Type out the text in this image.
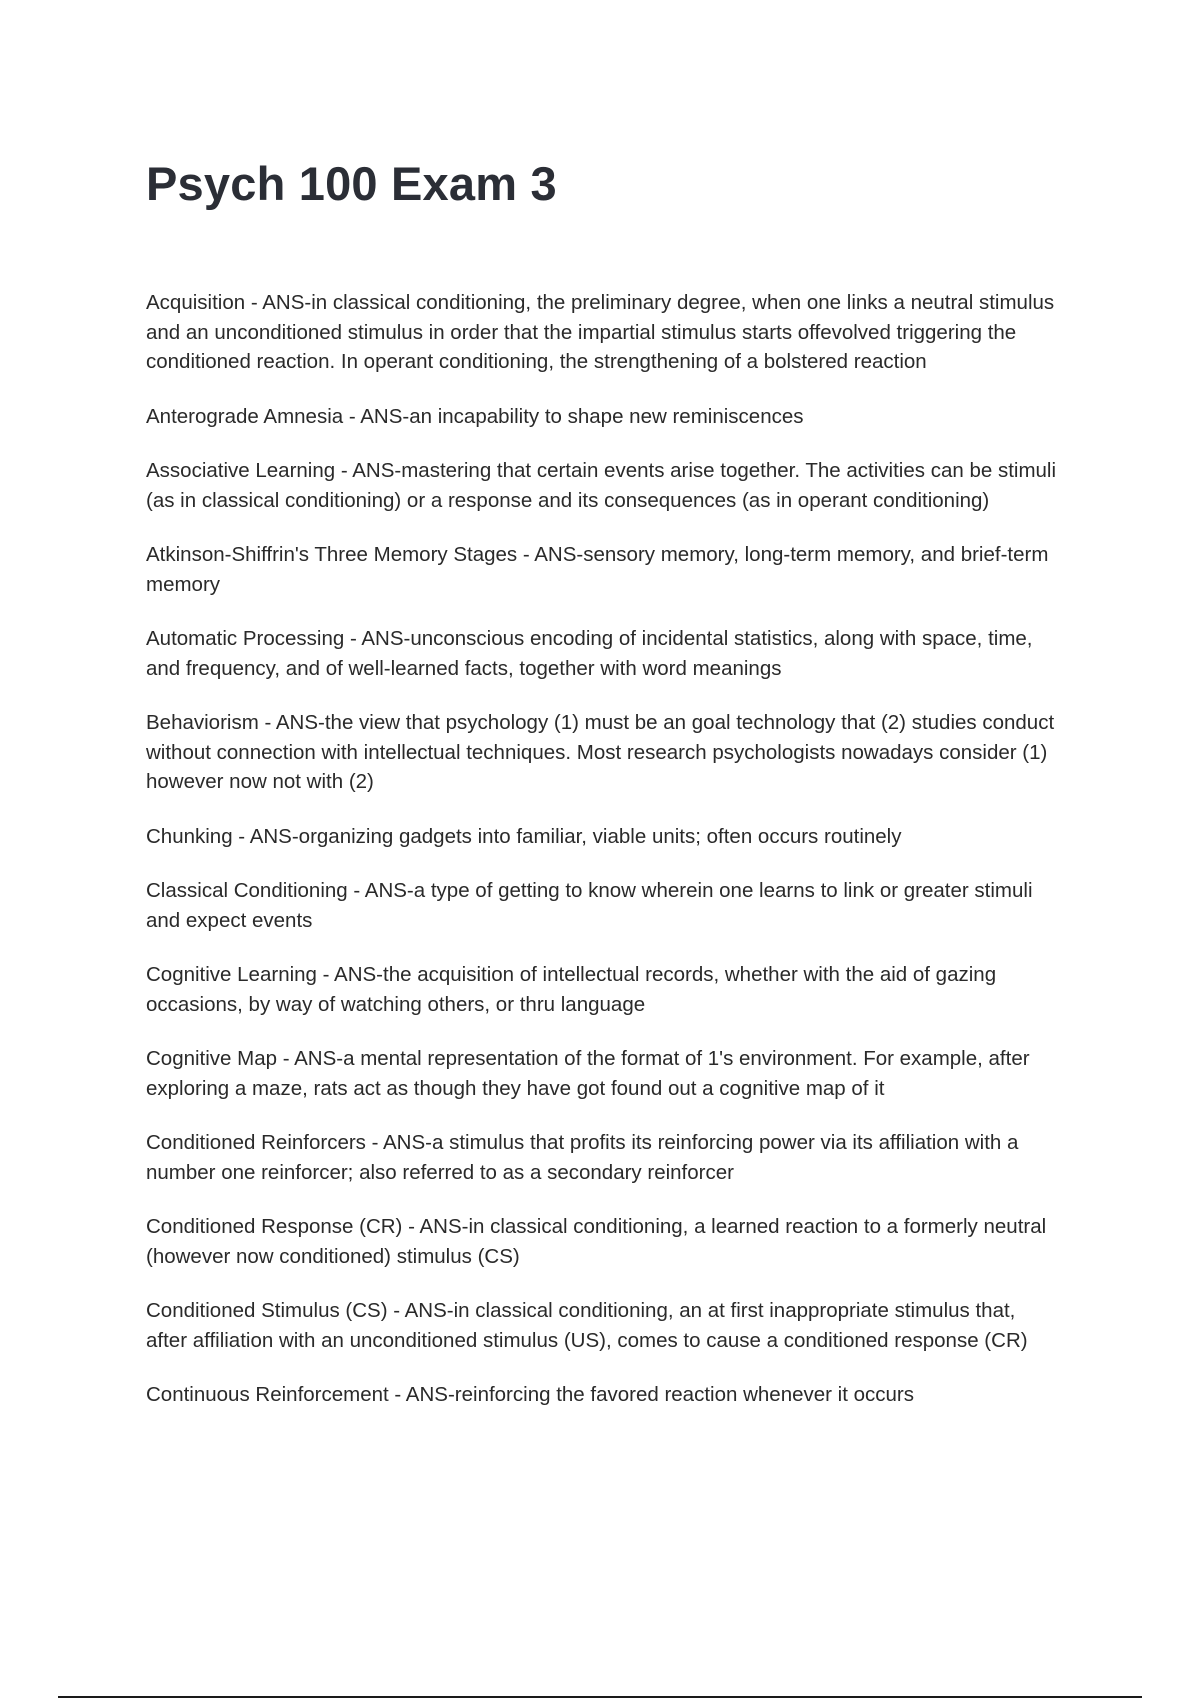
Psych 100 Exam 3

Acquisition - ANS-in classical conditioning, the preliminary degree, when one links a neutral stimulus and an unconditioned stimulus in order that the impartial stimulus starts offevolved triggering the conditioned reaction. In operant conditioning, the strengthening of a bolstered reaction

Anterograde Amnesia - ANS-an incapability to shape new reminiscences

Associative Learning - ANS-mastering that certain events arise together. The activities can be stimuli (as in classical conditioning) or a response and its consequences (as in operant conditioning)

Atkinson-Shiffrin's Three Memory Stages - ANS-sensory memory, long-term memory, and brief-term memory

Automatic Processing - ANS-unconscious encoding of incidental statistics, along with space, time, and frequency, and of well-learned facts, together with word meanings

Behaviorism - ANS-the view that psychology (1) must be an goal technology that (2) studies conduct without connection with intellectual techniques. Most research psychologists nowadays consider (1) however now not with (2)

Chunking - ANS-organizing gadgets into familiar, viable units; often occurs routinely

Classical Conditioning - ANS-a type of getting to know wherein one learns to link or greater stimuli and expect events

Cognitive Learning - ANS-the acquisition of intellectual records, whether with the aid of gazing occasions, by way of watching others, or thru language

Cognitive Map - ANS-a mental representation of the format of 1's environment. For example, after exploring a maze, rats act as though they have got found out a cognitive map of it

Conditioned Reinforcers - ANS-a stimulus that profits its reinforcing power via its affiliation with a number one reinforcer; also referred to as a secondary reinforcer

Conditioned Response (CR) - ANS-in classical conditioning, a learned reaction to a formerly neutral (however now conditioned) stimulus (CS)

Conditioned Stimulus (CS) - ANS-in classical conditioning, an at first inappropriate stimulus that, after affiliation with an unconditioned stimulus (US), comes to cause a conditioned response (CR)

Continuous Reinforcement - ANS-reinforcing the favored reaction whenever it occurs
